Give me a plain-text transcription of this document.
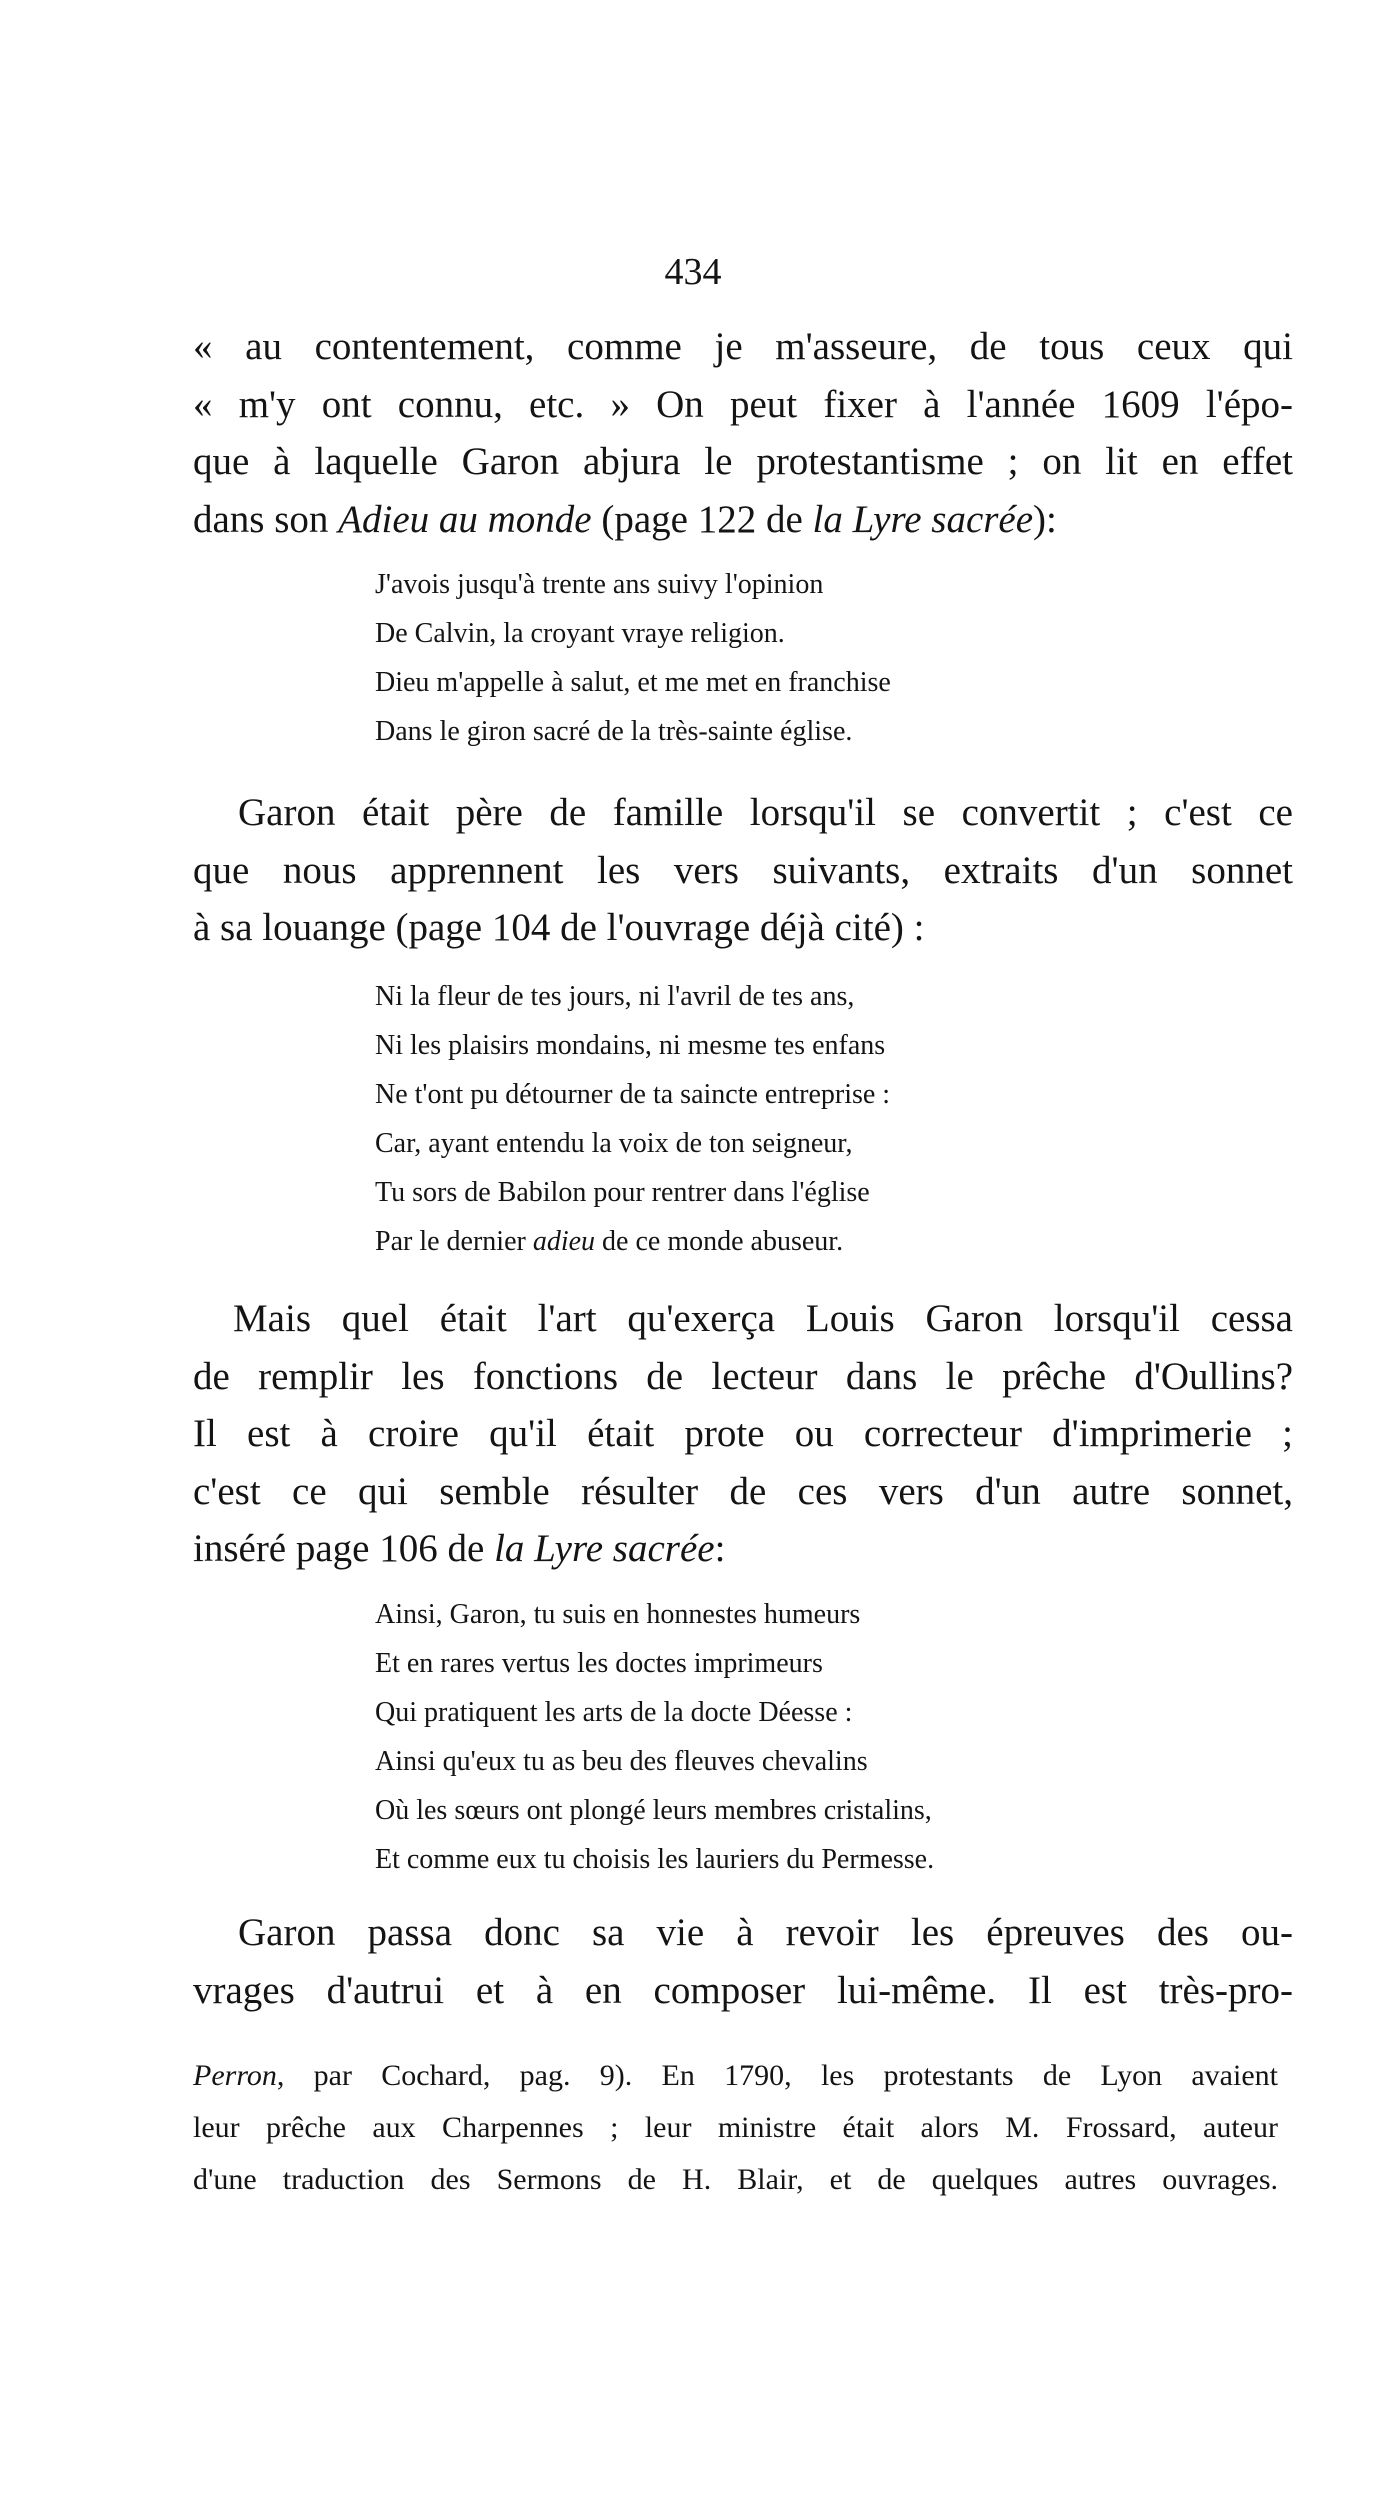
434
« au contentement, comme je m'asseure, de tous ceux qui
« m'y ont connu, etc. » On peut fixer à l'année 1609 l'épo-
que à laquelle Garon abjura le protestantisme ; on lit en effet
dans son Adieu au monde (page 122 de la Lyre sacrée):
J'avois jusqu'à trente ans suivy l'opinion
De Calvin, la croyant vraye religion.
Dieu m'appelle à salut, et me met en franchise
Dans le giron sacré de la très-sainte église.
Garon était père de famille lorsqu'il se convertit ; c'est ce
que nous apprennent les vers suivants, extraits d'un sonnet
à sa louange (page 104 de l'ouvrage déjà cité) :
Ni la fleur de tes jours, ni l'avril de tes ans,
Ni les plaisirs mondains, ni mesme tes enfans
Ne t'ont pu détourner de ta saincte entreprise :
Car, ayant entendu la voix de ton seigneur,
Tu sors de Babilon pour rentrer dans l'église
Par le dernier adieu de ce monde abuseur.
Mais quel était l'art qu'exerça Louis Garon lorsqu'il cessa
de remplir les fonctions de lecteur dans le prêche d'Oullins?
Il est à croire qu'il était prote ou correcteur d'imprimerie ;
c'est ce qui semble résulter de ces vers d'un autre sonnet,
inséré page 106 de la Lyre sacrée:
Ainsi, Garon, tu suis en honnestes humeurs
Et en rares vertus les doctes imprimeurs
Qui pratiquent les arts de la docte Déesse :
Ainsi qu'eux tu as beu des fleuves chevalins
Où les sœurs ont plongé leurs membres cristalins,
Et comme eux tu choisis les lauriers du Permesse.
Garon passa donc sa vie à revoir les épreuves des ou-
vrages d'autrui et à en composer lui-même. Il est très-pro-
Perron, par Cochard, pag. 9). En 1790, les protestants de Lyon avaient
leur prêche aux Charpennes ; leur ministre était alors M. Frossard, auteur
d'une traduction des Sermons de H. Blair, et de quelques autres ouvrages.
